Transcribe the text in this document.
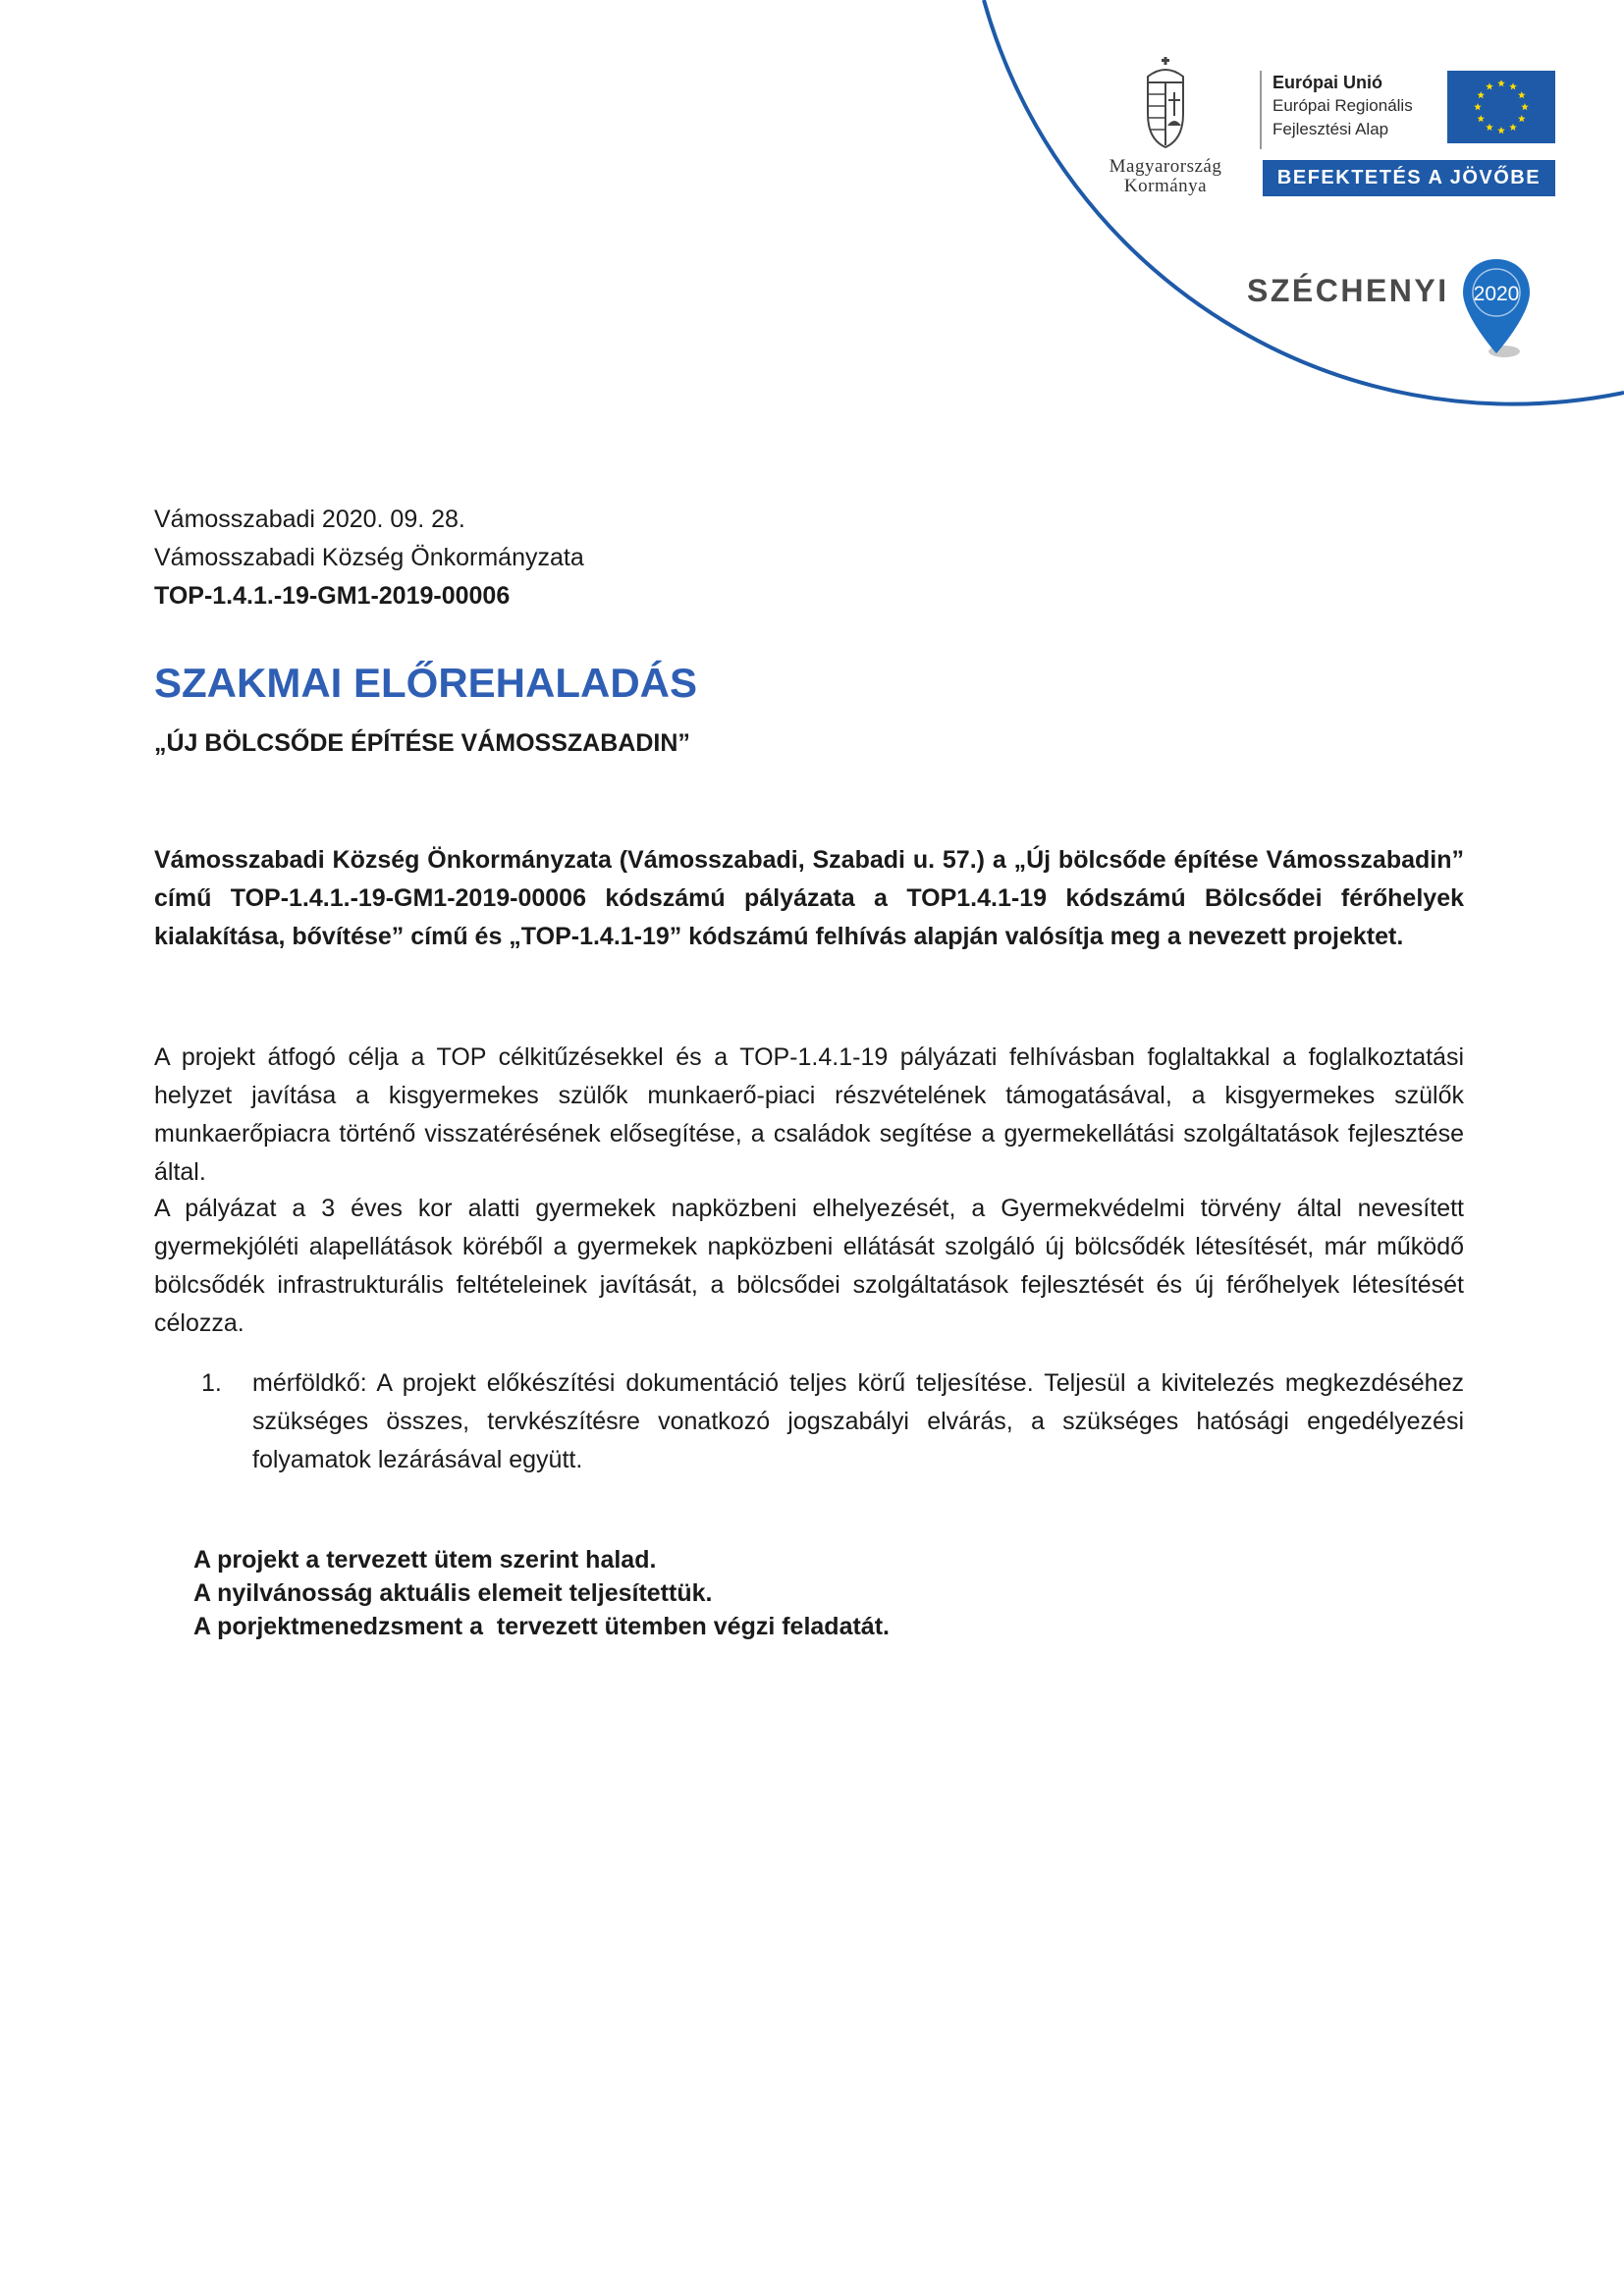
Magyarország
Kormánya
Európai Unió
Európai Regionális
Fejlesztési Alap
BEFEKTETÉS A JÖVŐBE
SZÉCHENYI 2020
Vámosszabadi 2020. 09. 28.
Vámosszabadi Község Önkormányzata
TOP-1.4.1.-19-GM1-2019-00006
SZAKMAI ELŐREHALADÁS
„ÚJ BÖLCSŐDE ÉPÍTÉSE VÁMOSSZABADIN”
Vámosszabadi Község Önkormányzata (Vámosszabadi, Szabadi u. 57.) a „Új bölcsőde építése Vámosszabadin” című TOP-1.4.1.-19-GM1-2019-00006 kódszámú pályázata a TOP1.4.1-19 kódszámú Bölcsődei férőhelyek kialakítása, bővítése” című és „TOP-1.4.1-19” kódszámú felhívás alapján valósítja meg a nevezett projektet.
A projekt átfogó célja a TOP célkitűzésekkel és a TOP-1.4.1-19 pályázati felhívásban foglaltakkal a foglalkoztatási helyzet javítása a kisgyermekes szülők munkaerő-piaci részvételének támogatásával, a kisgyermekes szülők munkaerőpiacra történő visszatérésének elősegítése, a családok segítése a gyermekellátási szolgáltatások fejlesztése által.
A pályázat a 3 éves kor alatti gyermekek napközbeni elhelyezését, a Gyermekvédelmi törvény által nevesített gyermekjóléti alapellátások köréből a gyermekek napközbeni ellátását szolgáló új bölcsődék létesítését, már működő bölcsődék infrastrukturális feltételeinek javítását, a bölcsődei szolgáltatások fejlesztését és új férőhelyek létesítését célozza.
1. mérföldkő: A projekt előkészítési dokumentáció teljes körű teljesítése. Teljesül a kivitelezés megkezdéséhez szükséges összes, tervkészítésre vonatkozó jogszabályi elvárás, a szükséges hatósági engedélyezési folyamatok lezárásával együtt.
A projekt a tervezett ütem szerint halad.
A nyilvánosság aktuális elemeit teljesítettük.
A porjektmenedzsment a  tervezett ütemben végzi feladatát.
